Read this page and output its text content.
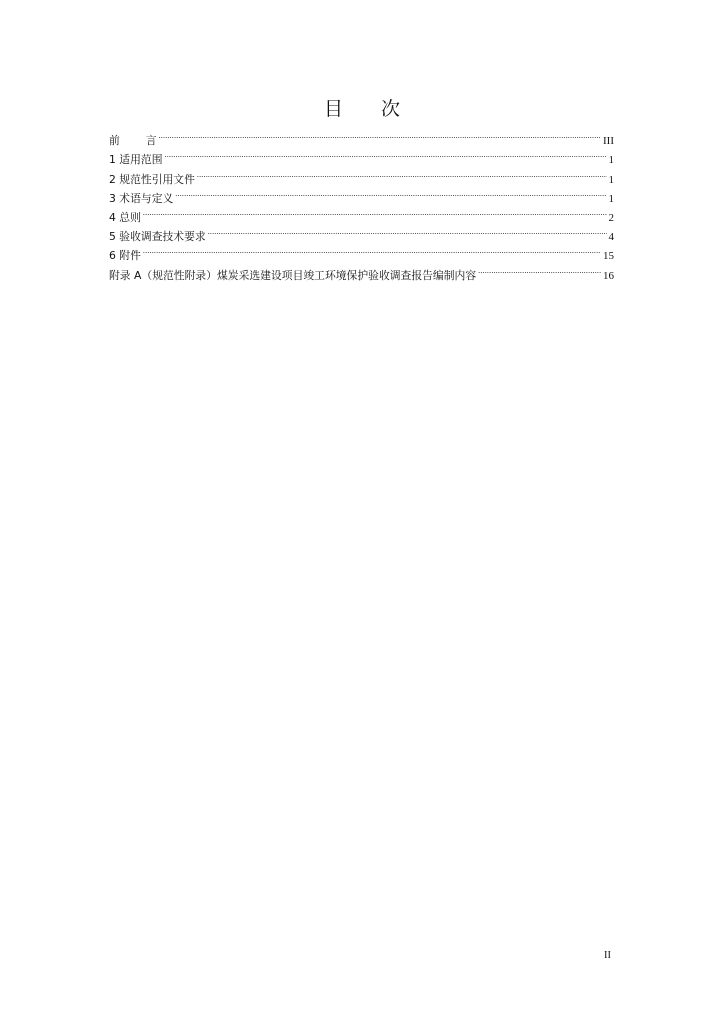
目 次
前 言 .....	III
1 适用范围 .....	1
2 规范性引用文件 .....	1
3 术语与定义 .....	1
4 总则 .....	2
5 验收调查技术要求 .....	4
6 附件 .....	15
附录 A（规范性附录）煤炭采选建设项目竣工环境保护验收调查报告编制内容 .....	16
II
